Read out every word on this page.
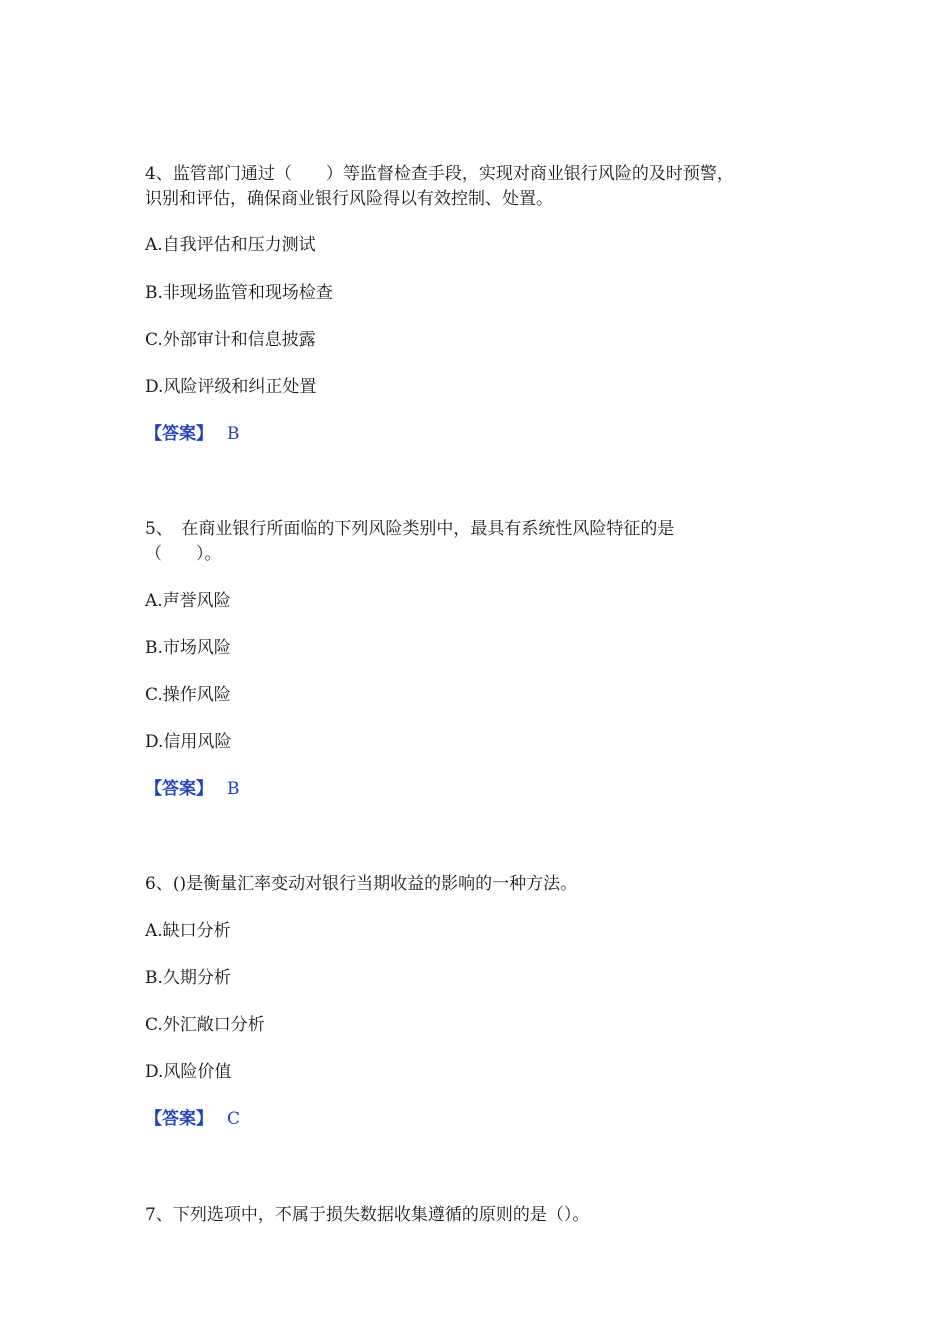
4、监管部门通过（　　）等监督检查手段，实现对商业银行风险的及时预警，
识别和评估，确保商业银行风险得以有效控制、处置。
A.自我评估和压力测试
B.非现场监管和现场检查
C.外部审计和信息披露
D.风险评级和纠正处置
【答案】 B
5、　在商业银行所面临的下列风险类别中，最具有系统性风险特征的是
（　　）。
A.声誉风险
B.市场风险
C.操作风险
D.信用风险
【答案】 B
6、()是衡量汇率变动对银行当期收益的影响的一种方法。
A.缺口分析
B.久期分析
C.外汇敞口分析
D.风险价值
【答案】 C
7、下列选项中，不属于损失数据收集遵循的原则的是（）。
